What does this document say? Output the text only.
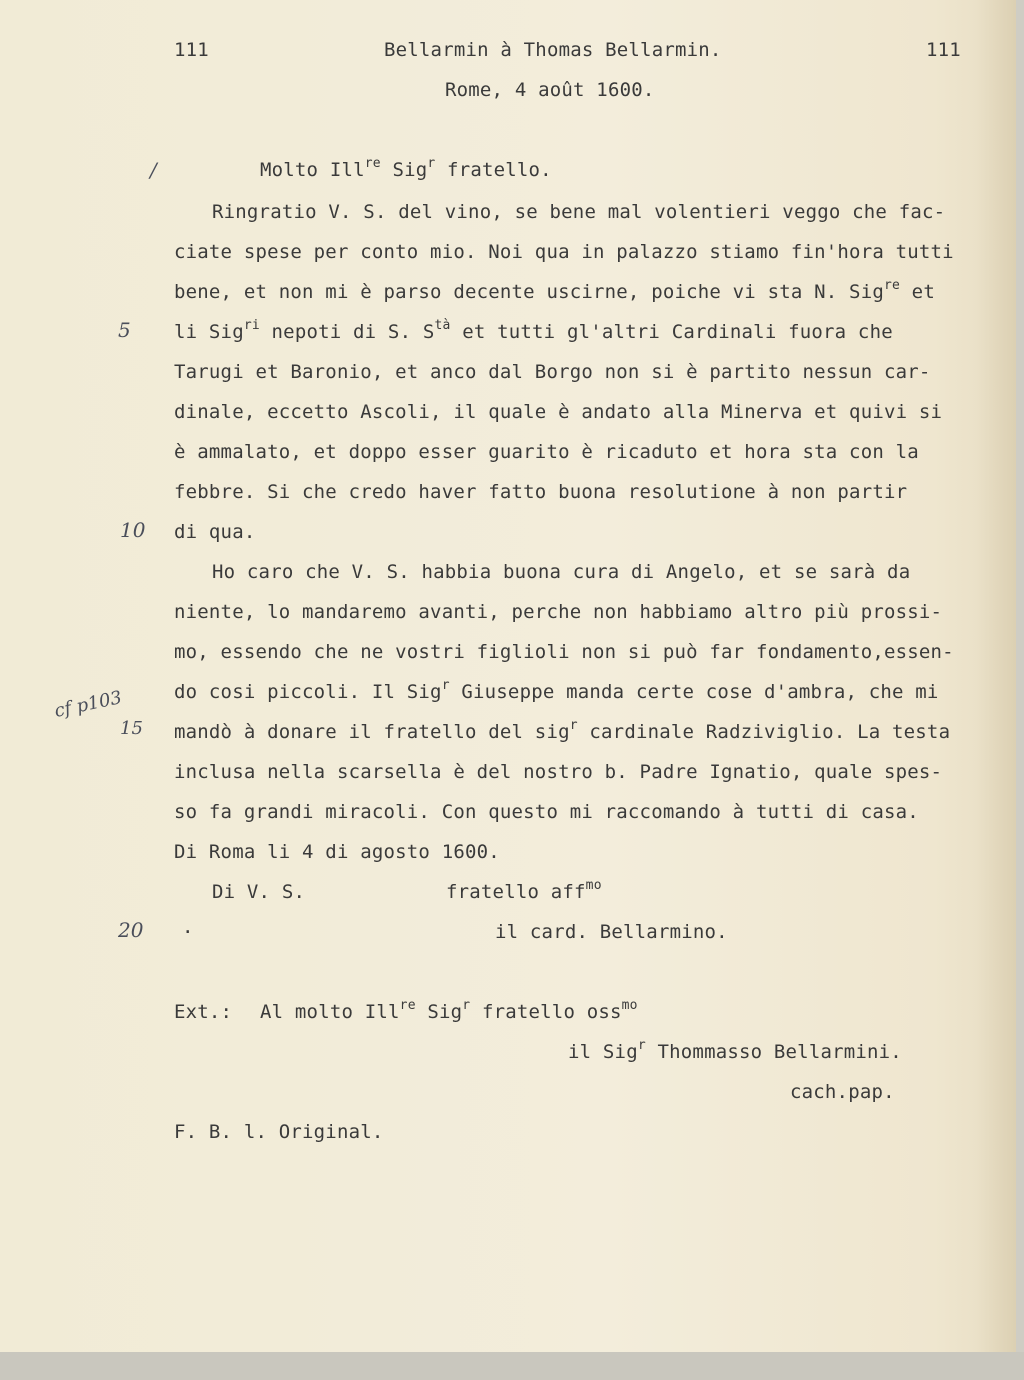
111	Bellarmin à Thomas Bellarmin.	111
Rome, 4 août 1600.
/
5
10
cf p103
15
20
Molto Ill$^{re}$ Sig$^r$ fratello.
Ringratio V. S. del vino, se bene mal volentieri veggo che fac-
ciate spese per conto mio. Noi qua in palazzo stiamo fin'hora tutti
bene, et non mi è parso decente uscirne, poiche vi sta N. Sig$^{re}$ et
li Sig$^{ri}$ nepoti di S. $S^{tà}$ et tutti gl'altri Cardinali fuora che
Tarugi et Baronio, et anco dal Borgo non si è partito nessun car-
dinale, eccetto Ascoli, il quale è andato alla Minerva et quivi si
è ammalato, et doppo esser guarito è ricaduto et hora sta con la
febbre. Si che credo haver fatto buona resolutione à non partir
di qua.
Ho caro che V. S. habbia buona cura di Angelo, et se sarà da
niente, lo mandaremo avanti, perche non habbiamo altro più prossi-
mo, essendo che ne vostri figlioli non si può far fondamento,essen-
do cosi piccoli. Il Sig$^r$ Giuseppe manda certe cose d'ambra, che mi
mandò à donare il fratello del sig$^r$ cardinale Radziviglio. La testa
inclusa nella scarsella è del nostro b. Padre Ignatio, quale spes-
so fa grandi miracoli. Con questo mi raccomando à tutti di casa.
Di Roma li 4 di agosto 1600.
Di V. S.	fratello aff$^{mo}$
·	il card. Bellarmino.
Ext.: Al molto Ill$^{re}$ Sig$^r$ fratello oss$^{mo}$
il Sig$^r$ Thommasso Bellarmini.
cach.pap.
F. B. l. Original.
